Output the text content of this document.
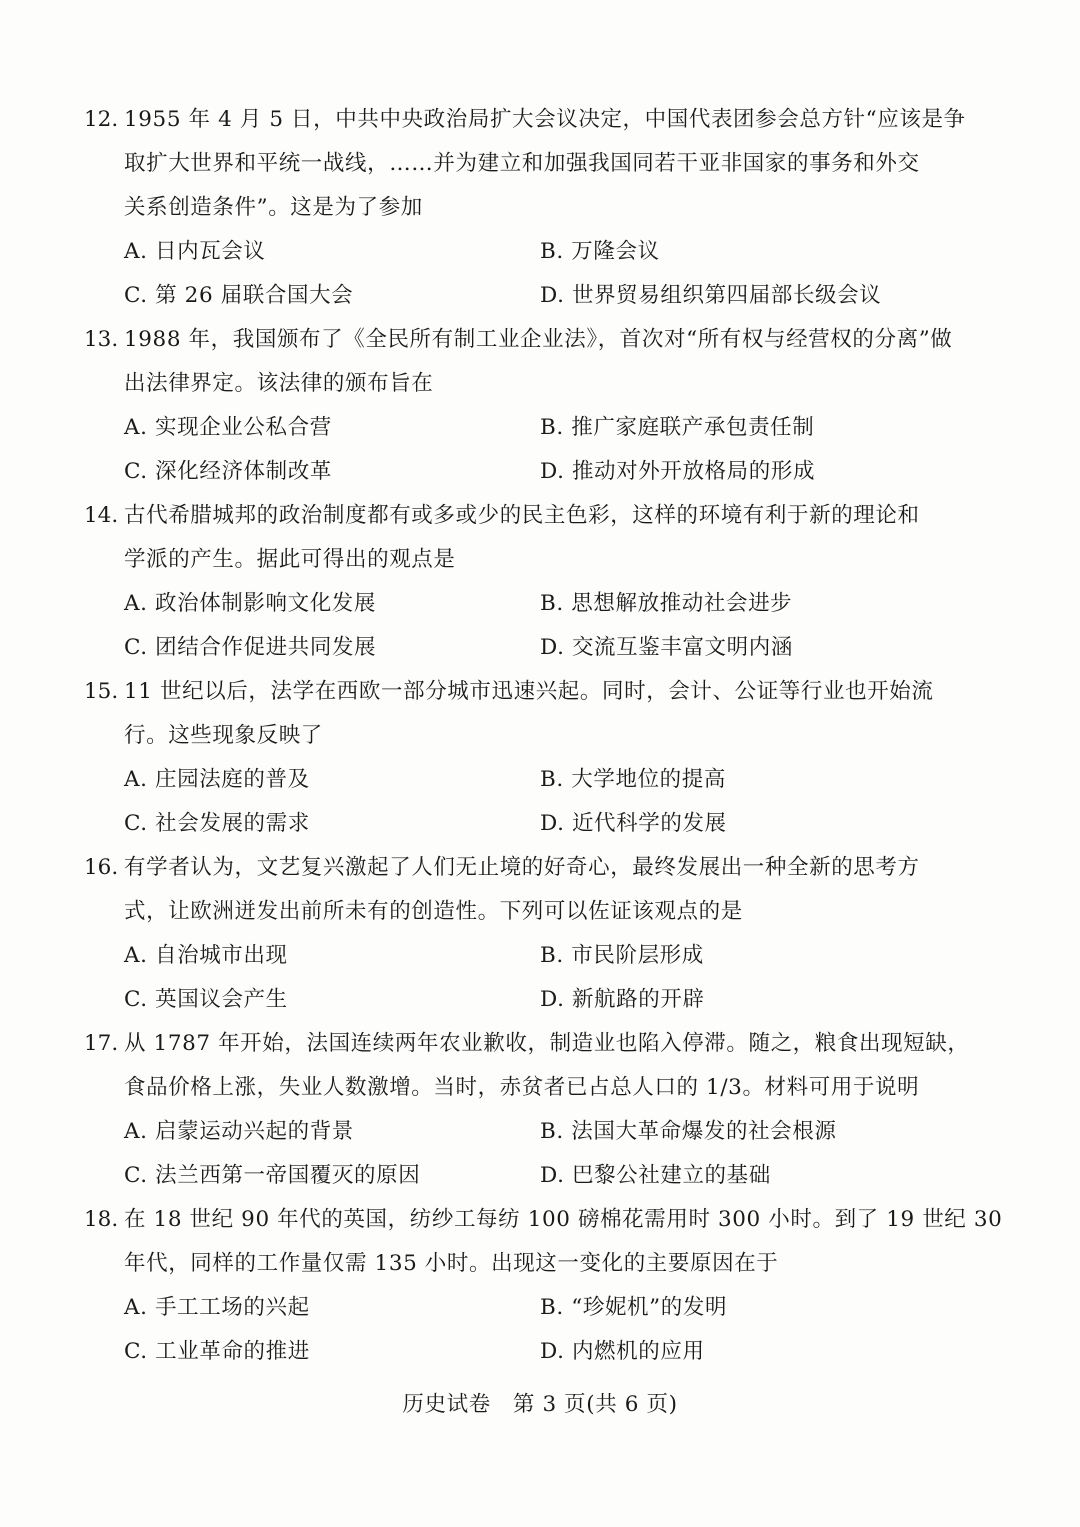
12. 1955 年 4 月 5 日，中共中央政治局扩大会议决定，中国代表团参会总方针“应该是争
取扩大世界和平统一战线，……并为建立和加强我国同若干亚非国家的事务和外交
关系创造条件”。这是为了参加
A. 日内瓦会议	B. 万隆会议
C. 第 26 届联合国大会	D. 世界贸易组织第四届部长级会议
13. 1988 年，我国颁布了《全民所有制工业企业法》，首次对“所有权与经营权的分离”做
出法律界定。该法律的颁布旨在
A. 实现企业公私合营	B. 推广家庭联产承包责任制
C. 深化经济体制改革	D. 推动对外开放格局的形成
14. 古代希腊城邦的政治制度都有或多或少的民主色彩，这样的环境有利于新的理论和
学派的产生。据此可得出的观点是
A. 政治体制影响文化发展	B. 思想解放推动社会进步
C. 团结合作促进共同发展	D. 交流互鉴丰富文明内涵
15. 11 世纪以后，法学在西欧一部分城市迅速兴起。同时，会计、公证等行业也开始流
行。这些现象反映了
A. 庄园法庭的普及	B. 大学地位的提高
C. 社会发展的需求	D. 近代科学的发展
16. 有学者认为，文艺复兴激起了人们无止境的好奇心，最终发展出一种全新的思考方
式，让欧洲迸发出前所未有的创造性。下列可以佐证该观点的是
A. 自治城市出现	B. 市民阶层形成
C. 英国议会产生	D. 新航路的开辟
17. 从 1787 年开始，法国连续两年农业歉收，制造业也陷入停滞。随之，粮食出现短缺，
食品价格上涨，失业人数激增。当时，赤贫者已占总人口的 1/3。材料可用于说明
A. 启蒙运动兴起的背景	B. 法国大革命爆发的社会根源
C. 法兰西第一帝国覆灭的原因	D. 巴黎公社建立的基础
18. 在 18 世纪 90 年代的英国，纺纱工每纺 100 磅棉花需用时 300 小时。到了 19 世纪 30
年代，同样的工作量仅需 135 小时。出现这一变化的主要原因在于
A. 手工工场的兴起	B. “珍妮机”的发明
C. 工业革命的推进	D. 内燃机的应用
历史试卷　第 3 页(共 6 页)
